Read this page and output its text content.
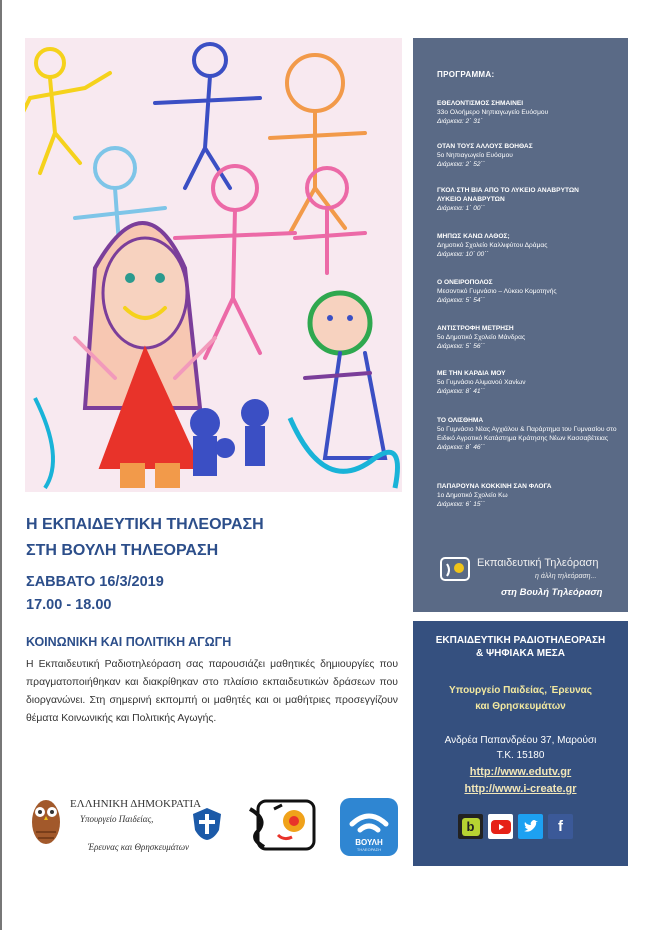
ΠΡΟΓΡΑΜΜΑ:
ΕΘΕΛΟΝΤΙΣΜΟΣ ΣΗΜΑΙΝΕΙ
33ο Ολοήμερο Νηπιαγωγείο Ευόσμου
Διάρκεια: 2΄ 31΄
ΟΤΑΝ ΤΟΥΣ ΑΛΛΟΥΣ ΒΟΗΘΑΣ
5ο Νηπιαγωγείο Ευόσμου
Διάρκεια: 2΄ 52΄΄
ΓΚΟΛ ΣΤΗ ΒΙΑ ΑΠΟ ΤΟ ΛΥΚΕΙΟ ΑΝΑΒΡΥΤΩΝ
ΛΥΚΕΙΟ ΑΝΑΒΡΥΤΩΝ
Διάρκεια: 1΄ 00΄΄
ΜΗΠΩΣ ΚΑΝΩ ΛΑΘΟΣ;
Δημοτικό Σχολείο Καλλιφύτου Δράμας
Διάρκεια: 10΄ 00΄΄
Ο ΟΝΕΙΡΟΠΟΛΟΣ
Μεσοντικό Γυμνάσιο – Λύκειο Κομοτηνής
Διάρκεια: 5΄ 54΄΄
ΑΝΤΙΣΤΡΟΦΗ ΜΕΤΡΗΣΗ
5ο Δημοτικό Σχολείο Μάνδρας
Διάρκεια: 5΄ 56΄΄
ΜΕ ΤΗΝ ΚΑΡΔΙΑ ΜΟΥ
5ο Γυμνάσιο Αλιμανού Χανίων
Διάρκεια: 8΄ 41΄΄
ΤΟ ΟΛΙΣΘΗΜΑ
5ο Γυμνάσιο Νέας Αγχιάλου & Παράρτημα του Γυμνασίου στο Ειδικό Αγροτικό Κατάστημα Κράτησης Νέων Κασσαβέτειας
Διάρκεια: 8΄ 46΄΄
ΠΑΠΑΡΟΥΝΑ ΚΟΚΚΙΝΗ ΣΑΝ ΦΛΟΓΑ
1ο Δημοτικό Σχολείο Κω
Διάρκεια: 6΄ 15΄΄
Εκπαιδευτική Τηλεόραση
η άλλη τηλεόραση...
στη Βουλή Τηλεόραση
Η ΕΚΠΑΙΔΕΥΤΙΚΗ ΤΗΛΕΟΡΑΣΗ
ΣΤΗ ΒΟΥΛΗ ΤΗΛΕΟΡΑΣΗ
ΣΑΒΒΑΤΟ 16/3/2019
17.00 - 18.00
ΚΟΙΝΩΝΙΚΗ ΚΑΙ ΠΟΛΙΤΙΚΗ ΑΓΩΓΗ
Η Εκπαιδευτική Ραδιοτηλεόραση σας παρουσιάζει μαθητικές δημιουργίες που πραγματοποιήθηκαν και διακρίθηκαν στο πλαίσιο εκπαιδευτικών δράσεων που διοργανώνει. Στη σημερινή εκπομπή οι μαθητές και οι μαθήτριες προσεγγίζουν θέματα Κοινωνικής και Πολιτικής Αγωγής.
ΕΚΠΑΙΔΕΥΤΙΚΗ ΡΑΔΙΟΤΗΛΕΟΡΑΣΗ
& ΨΗΦΙΑΚΑ ΜΕΣΑ
Υπουργείο Παιδείας, Έρευνας
και Θρησκευμάτων
Ανδρέα Παπανδρέου 37, Μαρούσι
Τ.Κ. 15180
http://www.edutv.gr
http://www.i-create.gr
b	f
ΕΛΛΗΝΙΚΗ ΔΗΜΟΚΡΑΤΙΑ
Υπουργείο Παιδείας,
Έρευνας και Θρησκευμάτων	ΒΟΥΛΗ
ΤΗΛΕΟΡΑΣΗ
